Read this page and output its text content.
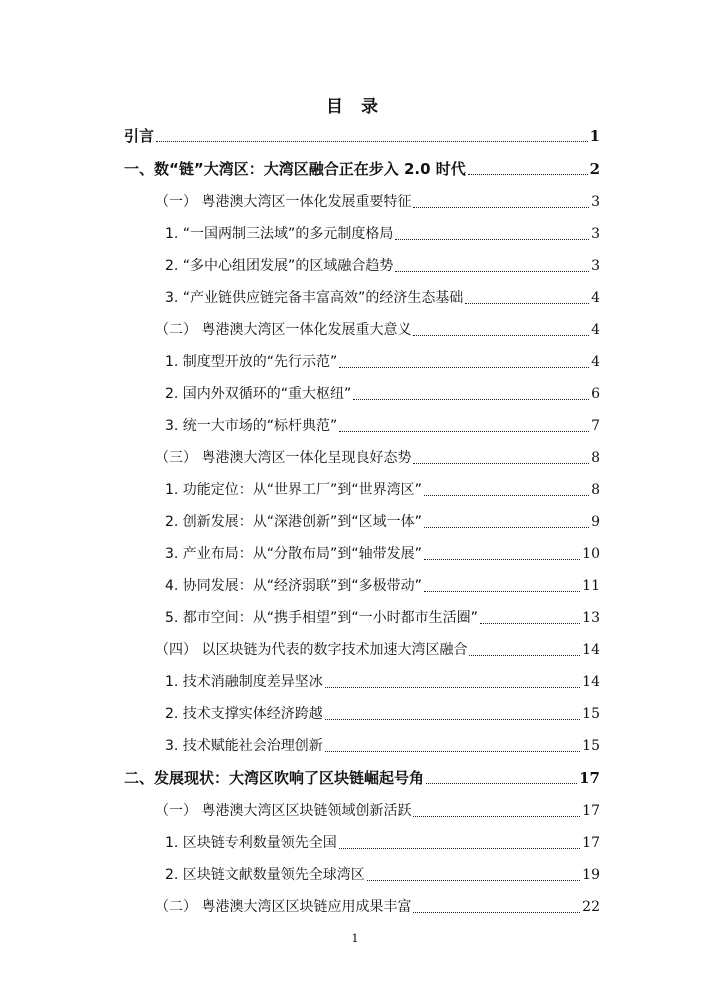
目 录
引言	1
一、数“链”大湾区：大湾区融合正在步入 2.0 时代	2
（一） 粤港澳大湾区一体化发展重要特征	3
1. “一国两制三法域”的多元制度格局	3
2. “多中心组团发展”的区域融合趋势	3
3. “产业链供应链完备丰富高效”的经济生态基础	4
（二） 粤港澳大湾区一体化发展重大意义	4
1. 制度型开放的“先行示范”	4
2. 国内外双循环的“重大枢纽”	6
3. 统一大市场的“标杆典范”	7
（三） 粤港澳大湾区一体化呈现良好态势	8
1. 功能定位：从“世界工厂”到“世界湾区”	8
2. 创新发展：从“深港创新”到“区域一体”	9
3. 产业布局：从“分散布局”到“轴带发展”	10
4. 协同发展：从“经济弱联”到“多极带动”	11
5. 都市空间：从“携手相望”到“一小时都市生活圈”	13
（四） 以区块链为代表的数字技术加速大湾区融合	14
1. 技术消融制度差异坚冰	14
2. 技术支撑实体经济跨越	15
3. 技术赋能社会治理创新	15
二、发展现状：大湾区吹响了区块链崛起号角	17
（一） 粤港澳大湾区区块链领域创新活跃	17
1. 区块链专利数量领先全国	17
2. 区块链文献数量领先全球湾区	19
（二） 粤港澳大湾区区块链应用成果丰富	22
1
